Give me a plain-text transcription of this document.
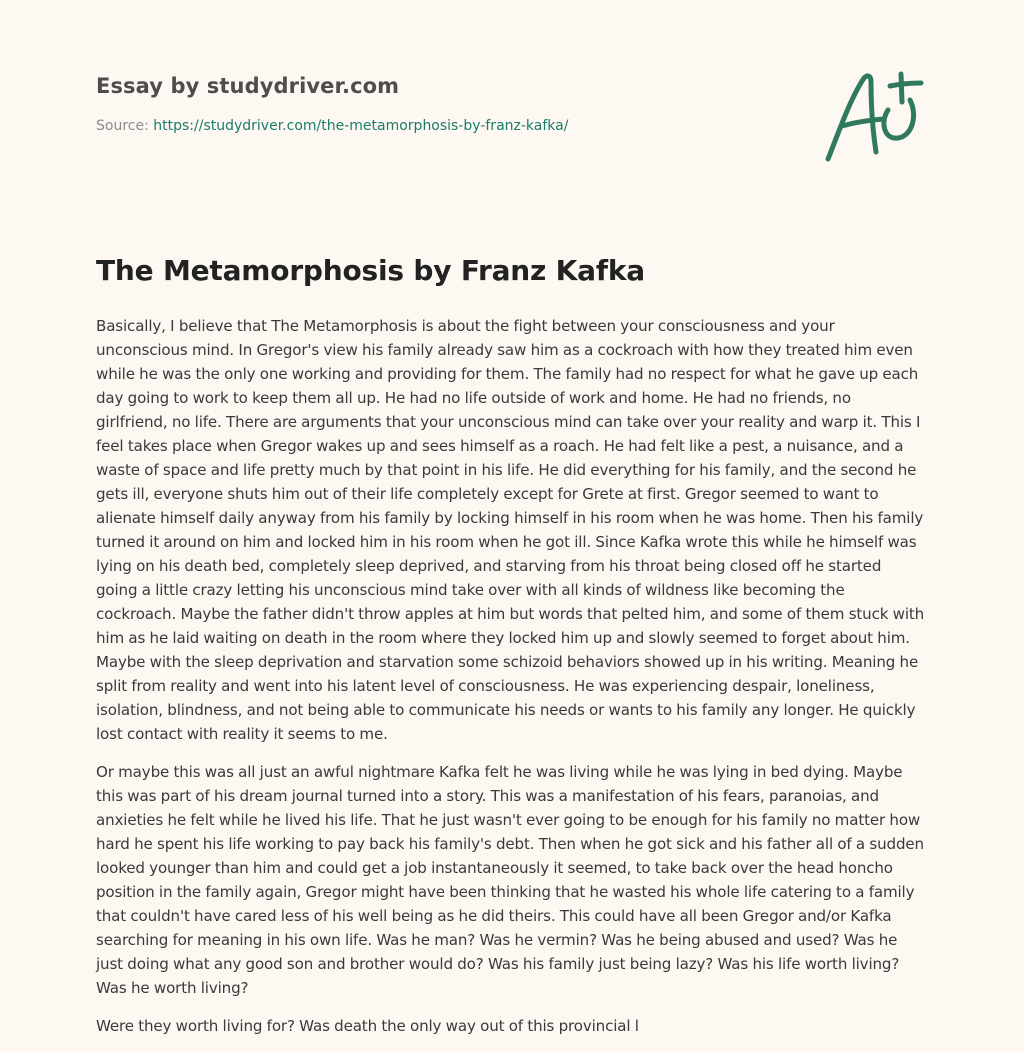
Essay by studydriver.com
Source: https://studydriver.com/the-metamorphosis-by-franz-kafka/
The Metamorphosis by Franz Kafka

Basically, I believe that The Metamorphosis is about the fight between your consciousness and your unconscious mind. In Gregor's view his family already saw him as a cockroach with how they treated him even while he was the only one working and providing for them. The family had no respect for what he gave up each day going to work to keep them all up. He had no life outside of work and home. He had no friends, no girlfriend, no life. There are arguments that your unconscious mind can take over your reality and warp it. This I feel takes place when Gregor wakes up and sees himself as a roach. He had felt like a pest, a nuisance, and a waste of space and life pretty much by that point in his life. He did everything for his family, and the second he gets ill, everyone shuts him out of their life completely except for Grete at first. Gregor seemed to want to alienate himself daily anyway from his family by locking himself in his room when he was home. Then his family turned it around on him and locked him in his room when he got ill. Since Kafka wrote this while he himself was lying on his death bed, completely sleep deprived, and starving from his throat being closed off he started going a little crazy letting his unconscious mind take over with all kinds of wildness like becoming the cockroach. Maybe the father didn't throw apples at him but words that pelted him, and some of them stuck with him as he laid waiting on death in the room where they locked him up and slowly seemed to forget about him. Maybe with the sleep deprivation and starvation some schizoid behaviors showed up in his writing. Meaning he split from reality and went into his latent level of consciousness. He was experiencing despair, loneliness, isolation, blindness, and not being able to communicate his needs or wants to his family any longer. He quickly lost contact with reality it seems to me.

Or maybe this was all just an awful nightmare Kafka felt he was living while he was lying in bed dying. Maybe this was part of his dream journal turned into a story. This was a manifestation of his fears, paranoias, and anxieties he felt while he lived his life. That he just wasn't ever going to be enough for his family no matter how hard he spent his life working to pay back his family's debt. Then when he got sick and his father all of a sudden looked younger than him and could get a job instantaneously it seemed, to take back over the head honcho position in the family again, Gregor might have been thinking that he wasted his whole life catering to a family that couldn't have cared less of his well being as he did theirs. This could have all been Gregor and/or Kafka searching for meaning in his own life. Was he man? Was he vermin? Was he being abused and used? Was he just doing what any good son and brother would do? Was his family just being lazy? Was his life worth living? Was he worth living?

Were they worth living for? Was death the only way out of this provincial l
